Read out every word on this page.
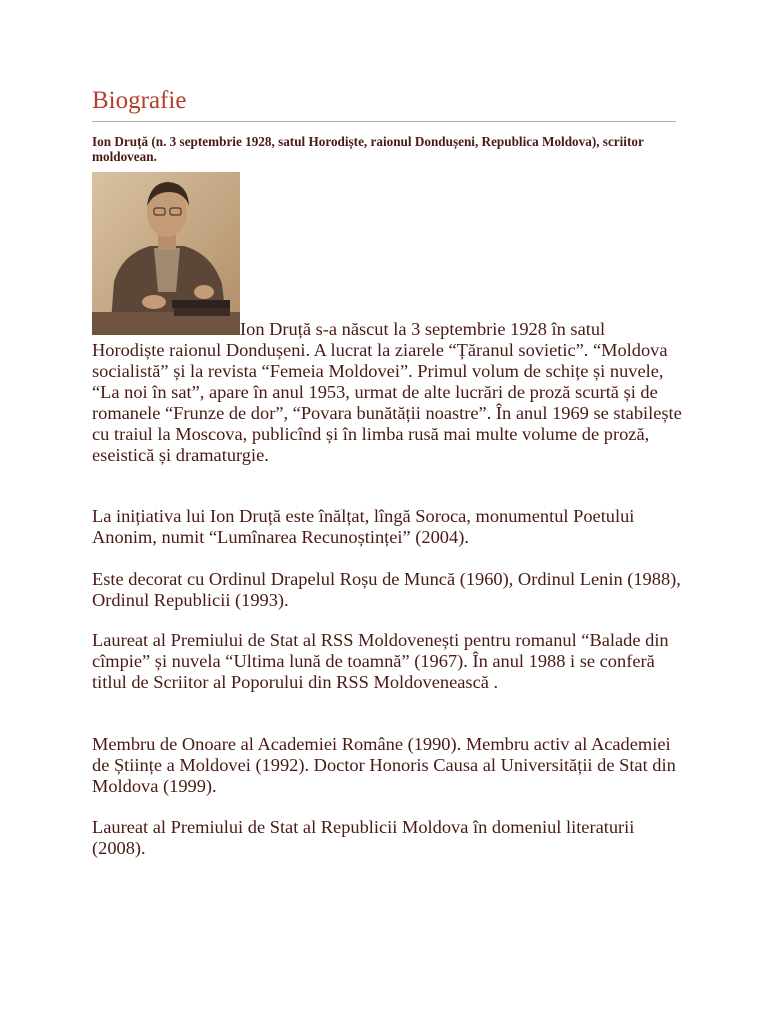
Biografie

Ion Druță (n. 3 septembrie 1928, satul Horodiște, raionul Dondușeni, Republica Moldova), scriitor moldovean.

Ion Druță s-a născut la 3 septembrie 1928 în satul Horodiște raionul Dondușeni. A lucrat la ziarele “Țăranul sovietic”. “Moldova socialistă” și la revista “Femeia Moldovei”. Primul volum de schițe și nuvele, “La noi în sat”, apare în anul 1953, urmat de alte lucrări de proză scurtă și de romanele “Frunze de dor”, “Povara bunătății noastre”. În anul 1969 se stabilește cu traiul la Moscova, publicînd și în limba rusă mai multe volume de proză, eseistică și dramaturgie.

La inițiativa lui Ion Druță este înălțat, lîngă Soroca, monumentul Poetului Anonim, numit “Lumînarea Recunoștinței” (2004).

Este decorat cu Ordinul Drapelul Roșu de Muncă (1960), Ordinul Lenin (1988), Ordinul Republicii (1993).

Laureat al Premiului de Stat al RSS Moldovenești pentru romanul “Balade din cîmpie” și nuvela “Ultima lună de toamnă” (1967). În anul 1988 i se conferă titlul de Scriitor al Poporului din RSS Moldovenească .

Membru de Onoare al Academiei Române (1990). Membru activ al Academiei de Științe a Moldovei (1992). Doctor Honoris Causa al Universității de Stat din Moldova (1999).

Laureat al Premiului de Stat al Republicii Moldova în domeniul literaturii (2008).
